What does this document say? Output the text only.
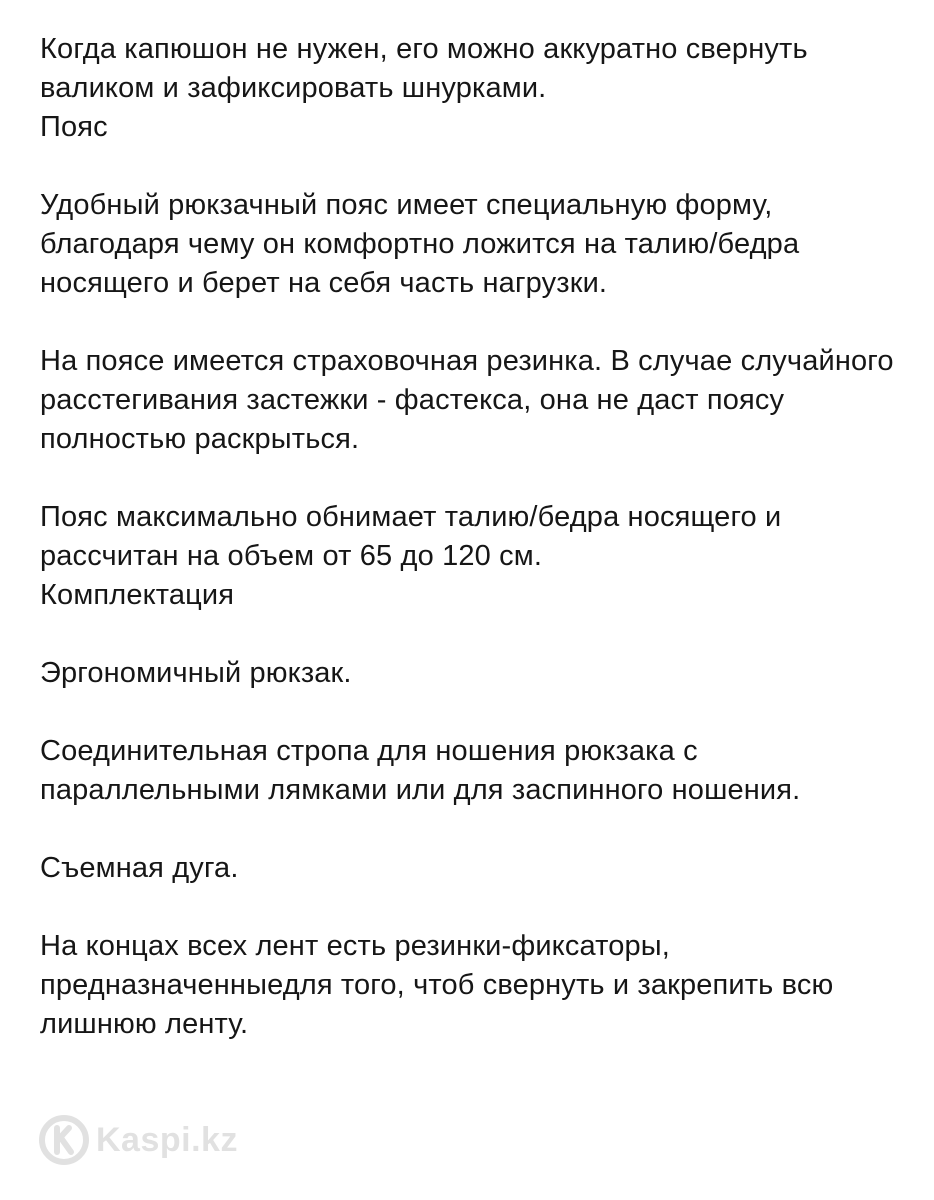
Когда капюшон не нужен, его можно аккуратно свернуть валиком и зафиксировать шнурками.

Пояс

Удобный рюкзачный пояс имеет специальную форму, благодаря чему он комфортно ложится на талию/бедра носящего и берет на себя часть нагрузки.

На поясе имеется страховочная резинка. В случае случайного расстегивания застежки - фастекса, она не даст поясу полностью раскрыться.

Пояс максимально обнимает талию/бедра носящего и рассчитан на объем от 65 до 120 см.

Комплектация

Эргономичный рюкзак.

Соединительная стропа для ношения рюкзака с параллельными лямками или для заспинного ношения.

Съемная дуга.

На концах всех лент есть резинки-фиксаторы, предназначенныедля того, чтоб свернуть и закрепить всю лишнюю ленту.

Kaspi.kz
